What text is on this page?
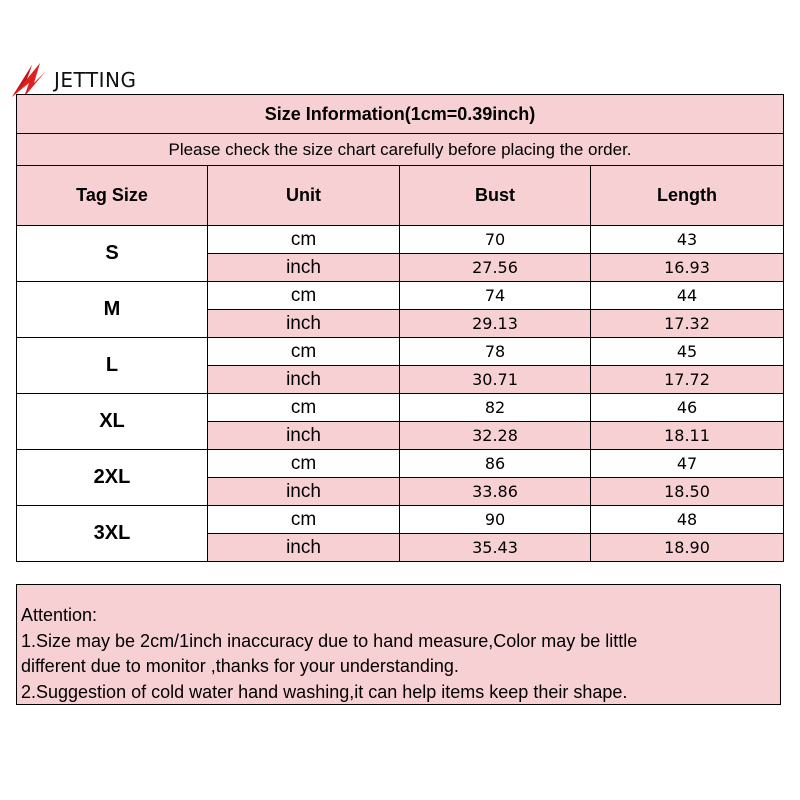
JETTING
Size Information(1cm=0.39inch)			
Please check the size chart carefully before placing the order.			
Tag Size	Unit	Bust	Length
S	cm	70	43
	inch	27.56	16.93
M	cm	74	44
	inch	29.13	17.32
L	cm	78	45
	inch	30.71	17.72
XL	cm	82	46
	inch	32.28	18.11
2XL	cm	86	47
	inch	33.86	18.50
3XL	cm	90	48
	inch	35.43	18.90
Attention:
1.Size may be 2cm/1inch inaccuracy due to hand measure,Color may be little
different due to monitor ,thanks for your understanding.
2.Suggestion of cold water hand washing,it can help items keep their shape.
